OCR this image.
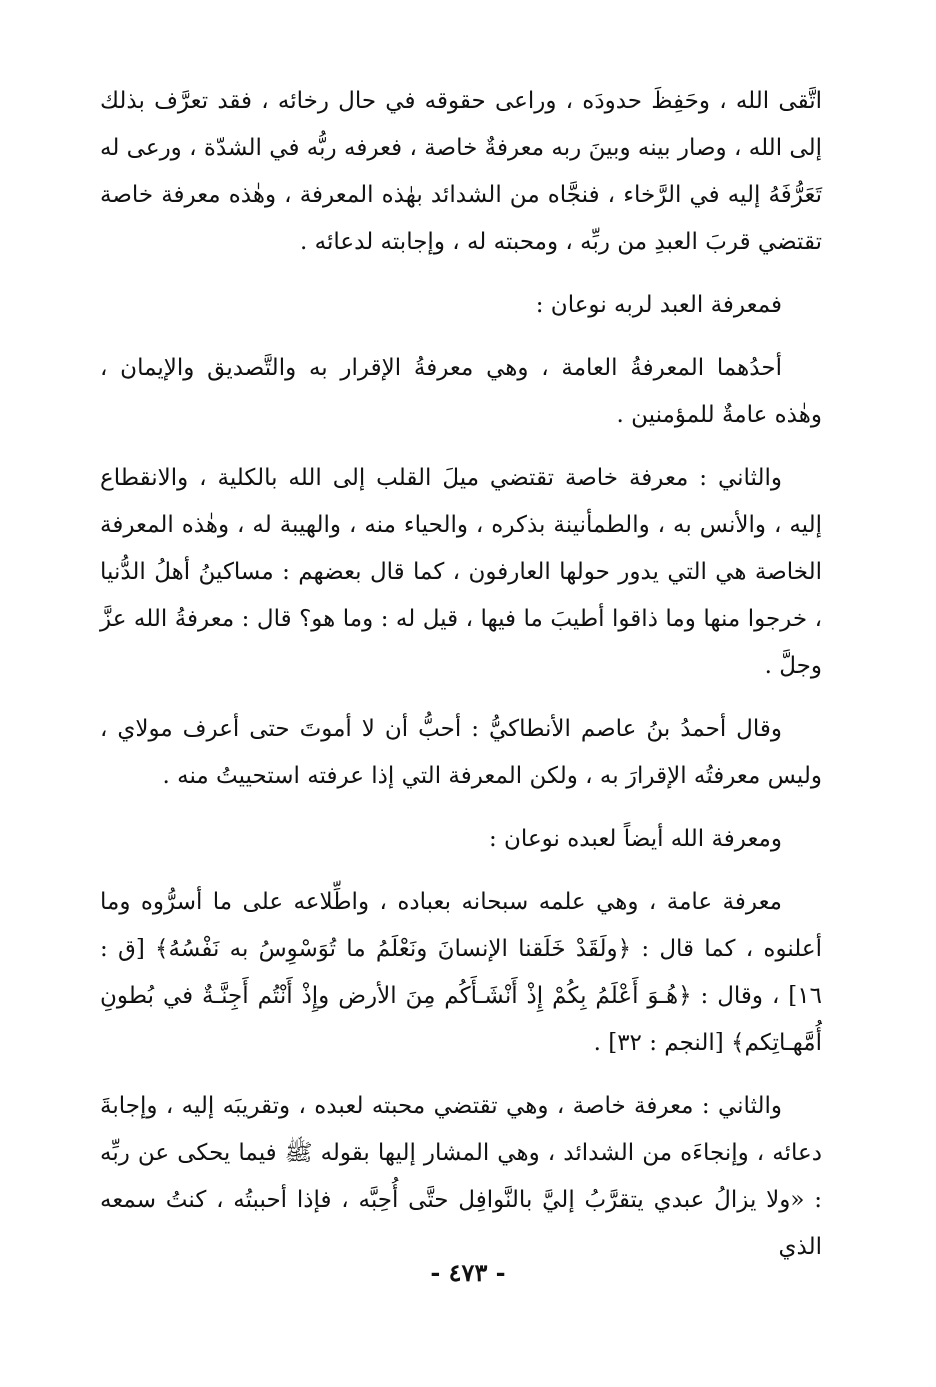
اتَّقى الله ، وحَفِظَ حدودَه ، وراعى حقوقه في حال رخائه ، فقد تعرَّف بذلك إلى الله ، وصار بينه وبينَ ربه معرفةٌ خاصة ، فعرفه ربُّه في الشدّة ، ورعى له تَعَرُّفَهُ إليه في الرَّخاء ، فنجَّاه من الشدائد بهٰذه المعرفة ، وهٰذه معرفة خاصة تقتضي قربَ العبدِ من ربِّه ، ومحبته له ، وإجابته لدعائه .

فمعرفة العبد لربه نوعان :

أحدُهما المعرفةُ العامة ، وهي معرفةُ الإقرار به والتَّصديق والإيمان ، وهٰذه عامةٌ للمؤمنين .

والثاني : معرفة خاصة تقتضي ميلَ القلب إلى الله بالكلية ، والانقطاع إليه ، والأنس به ، والطمأنينة بذكره ، والحياء منه ، والهيبة له ، وهٰذه المعرفة الخاصة هي التي يدور حولها العارفون ، كما قال بعضهم : مساكينُ أهلُ الدُّنيا ، خرجوا منها وما ذاقوا أطيبَ ما فيها ، قيل له : وما هو؟ قال : معرفةُ الله عزَّ وجلَّ .

وقال أحمدُ بنُ عاصم الأنطاكيُّ : أحبُّ أن لا أموتَ حتى أعرف مولاي ، وليس معرفتُه الإقرارَ به ، ولكن المعرفة التي إذا عرفته استحييتُ منه .

ومعرفة الله أيضاً لعبده نوعان :

معرفة عامة ، وهي علمه سبحانه بعباده ، واطِّلاعه على ما أسرُّوه وما أعلنوه ، كما قال : ﴿ولَقَدْ خَلَقنا الإنسانَ ونَعْلَمُ ما تُوَسْوِسُ به نَفْسُهُ﴾ [ق : ١٦] ، وقال : ﴿هُـوَ أَعْلَمُ بِكُمْ إِذْ أَنْشَـأَكُم مِنَ الأرض وإِذْ أَنْتُم أَجِنَّـةٌ في بُطونِ أُمَّهـاتِكم﴾ [النجم : ٣٢] .

والثاني : معرفة خاصة ، وهي تقتضي محبته لعبده ، وتقريبَه إليه ، وإجابةَ دعائه ، وإنجاءَه من الشدائد ، وهي المشار إليها بقوله ﷺ فيما يحكى عن ربِّه : «ولا يزالُ عبدي يتقرَّبُ إليَّ بالنَّوافِل حتَّى أُحِبَّه ، فإذا أحببتُه ، كنتُ سمعه الذي

- ٤٧٣ -
